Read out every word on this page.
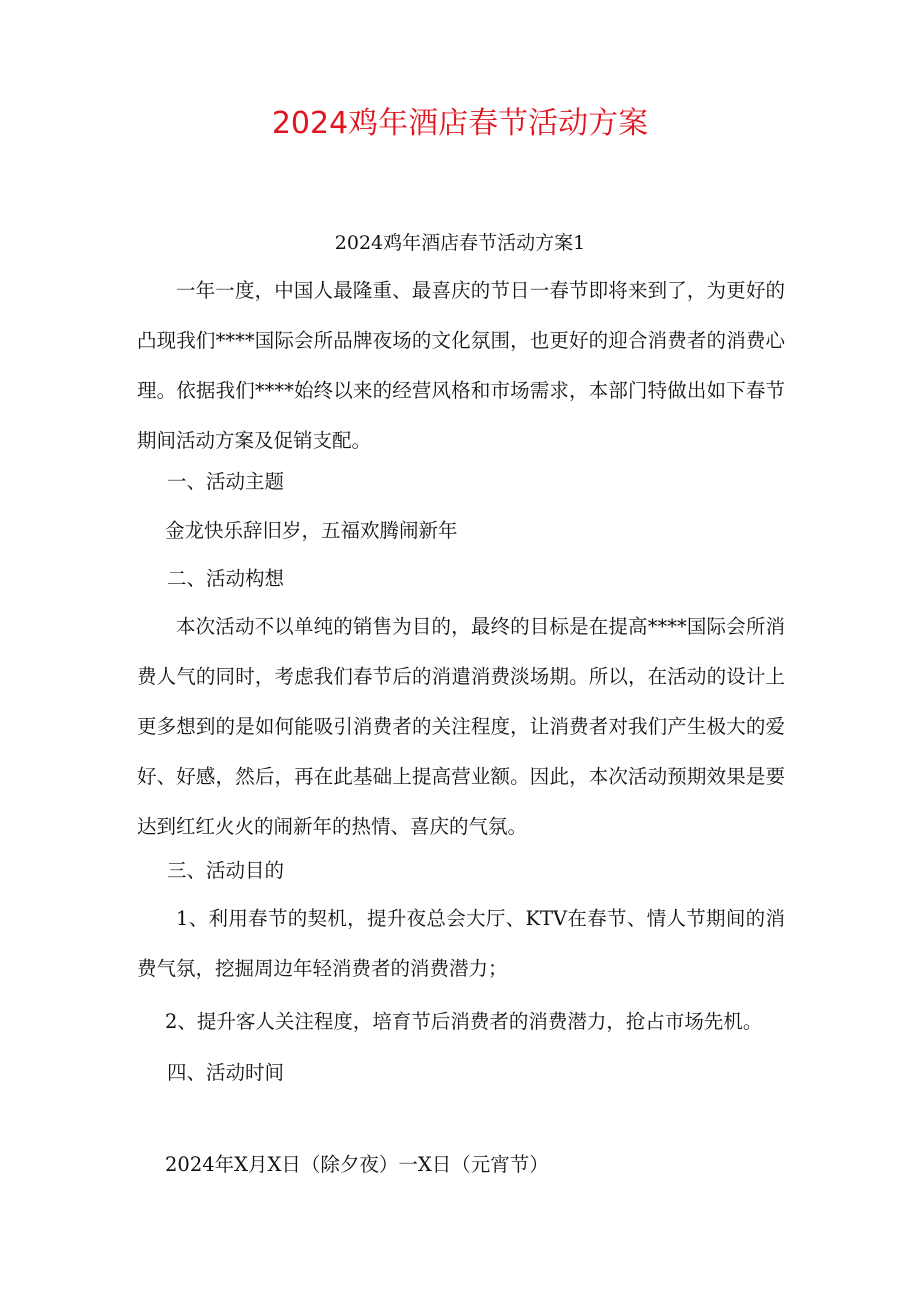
2024鸡年酒店春节活动方案

2024鸡年酒店春节活动方案1

一年一度，中国人最隆重、最喜庆的节日一春节即将来到了，为更好的凸现我们****国际会所品牌夜场的文化氛围，也更好的迎合消费者的消费心理。依据我们****始终以来的经营风格和市场需求，本部门特做出如下春节期间活动方案及促销支配。

一、活动主题

金龙快乐辞旧岁，五福欢腾闹新年

二、活动构想

本次活动不以单纯的销售为目的，最终的目标是在提高****国际会所消费人气的同时，考虑我们春节后的消遣消费淡场期。所以，在活动的设计上更多想到的是如何能吸引消费者的关注程度，让消费者对我们产生极大的爱好、好感，然后，再在此基础上提高营业额。因此，本次活动预期效果是要达到红红火火的闹新年的热情、喜庆的气氛。

三、活动目的

1、利用春节的契机，提升夜总会大厅、KTV在春节、情人节期间的消费气氛，挖掘周边年轻消费者的消费潜力；

2、提升客人关注程度，培育节后消费者的消费潜力，抢占市场先机。

四、活动时间

2024年X月X日（除夕夜）一X日（元宵节）
